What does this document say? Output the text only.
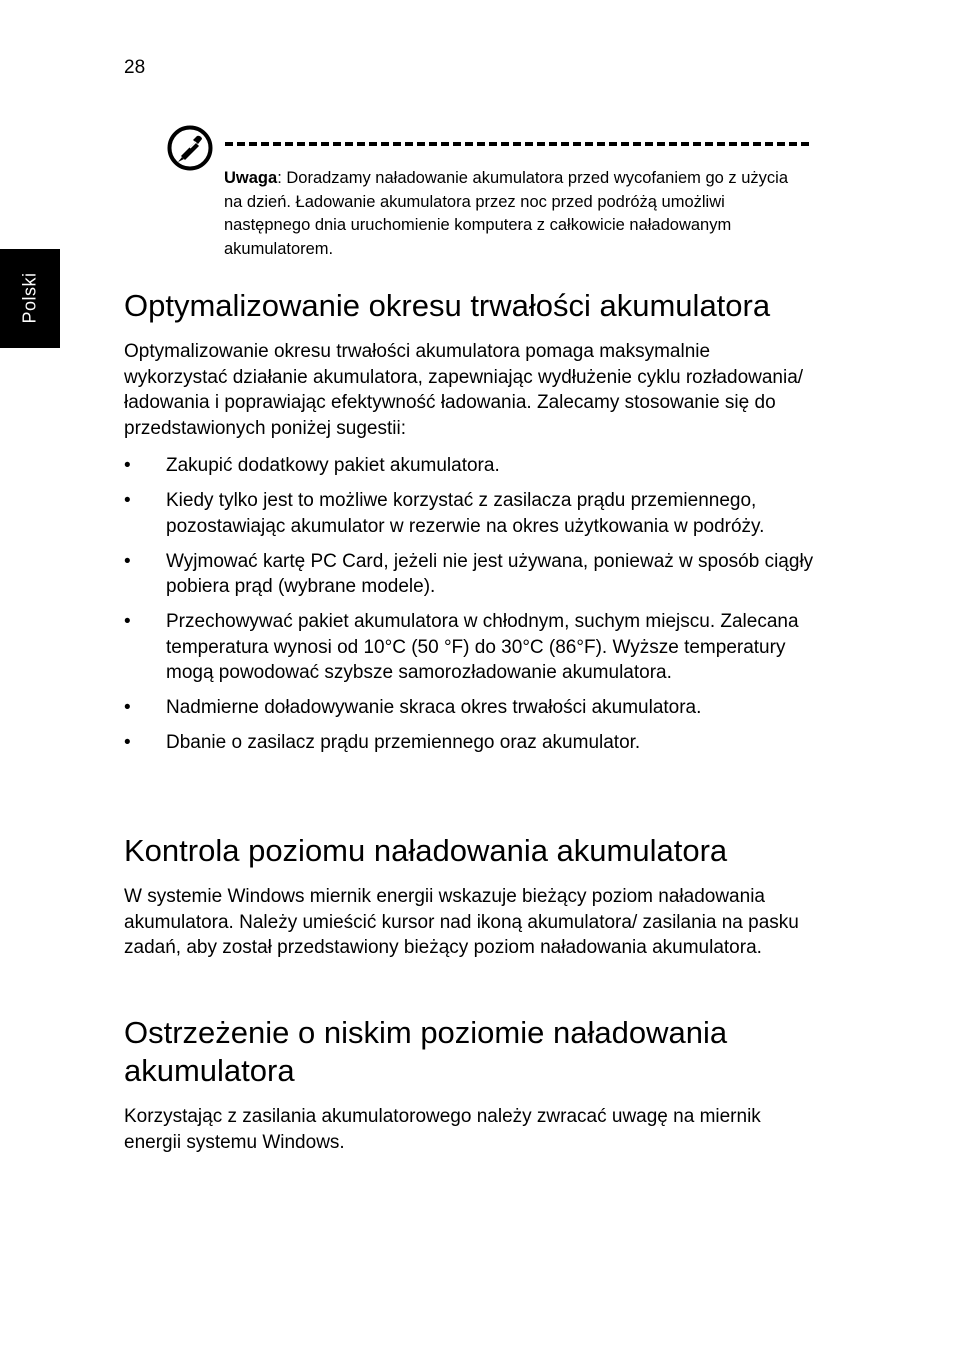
28
Polski
Uwaga: Doradzamy naładowanie akumulatora przed wycofaniem go z użycia na dzień. Ładowanie akumulatora przez noc przed podróżą umożliwi następnego dnia uruchomienie komputera z całkowicie naładowanym akumulatorem.
Optymalizowanie okresu trwałości akumulatora

Optymalizowanie okresu trwałości akumulatora pomaga maksymalnie wykorzystać działanie akumulatora, zapewniając wydłużenie cyklu rozładowania/ładowania i poprawiając efektywność ładowania. Zalecamy stosowanie się do przedstawionych poniżej sugestii:

• Zakupić dodatkowy pakiet akumulatora.
• Kiedy tylko jest to możliwe korzystać z zasilacza prądu przemiennego, pozostawiając akumulator w rezerwie na okres użytkowania w podróży.
• Wyjmować kartę PC Card, jeżeli nie jest używana, ponieważ w sposób ciągły pobiera prąd (wybrane modele).
• Przechowywać pakiet akumulatora w chłodnym, suchym miejscu. Zalecana temperatura wynosi od 10°C (50 °F) do 30°C (86°F). Wyższe temperatury mogą powodować szybsze samorozładowanie akumulatora.
• Nadmierne doładowywanie skraca okres trwałości akumulatora.
• Dbanie o zasilacz prądu przemiennego oraz akumulator.
Kontrola poziomu naładowania akumulatora

W systemie Windows miernik energii wskazuje bieżący poziom naładowania akumulatora. Należy umieścić kursor nad ikoną akumulatora/ zasilania na pasku zadań, aby został przedstawiony bieżący poziom naładowania akumulatora.

Ostrzeżenie o niskim poziomie naładowania akumulatora

Korzystając z zasilania akumulatorowego należy zwracać uwagę na miernik energii systemu Windows.
